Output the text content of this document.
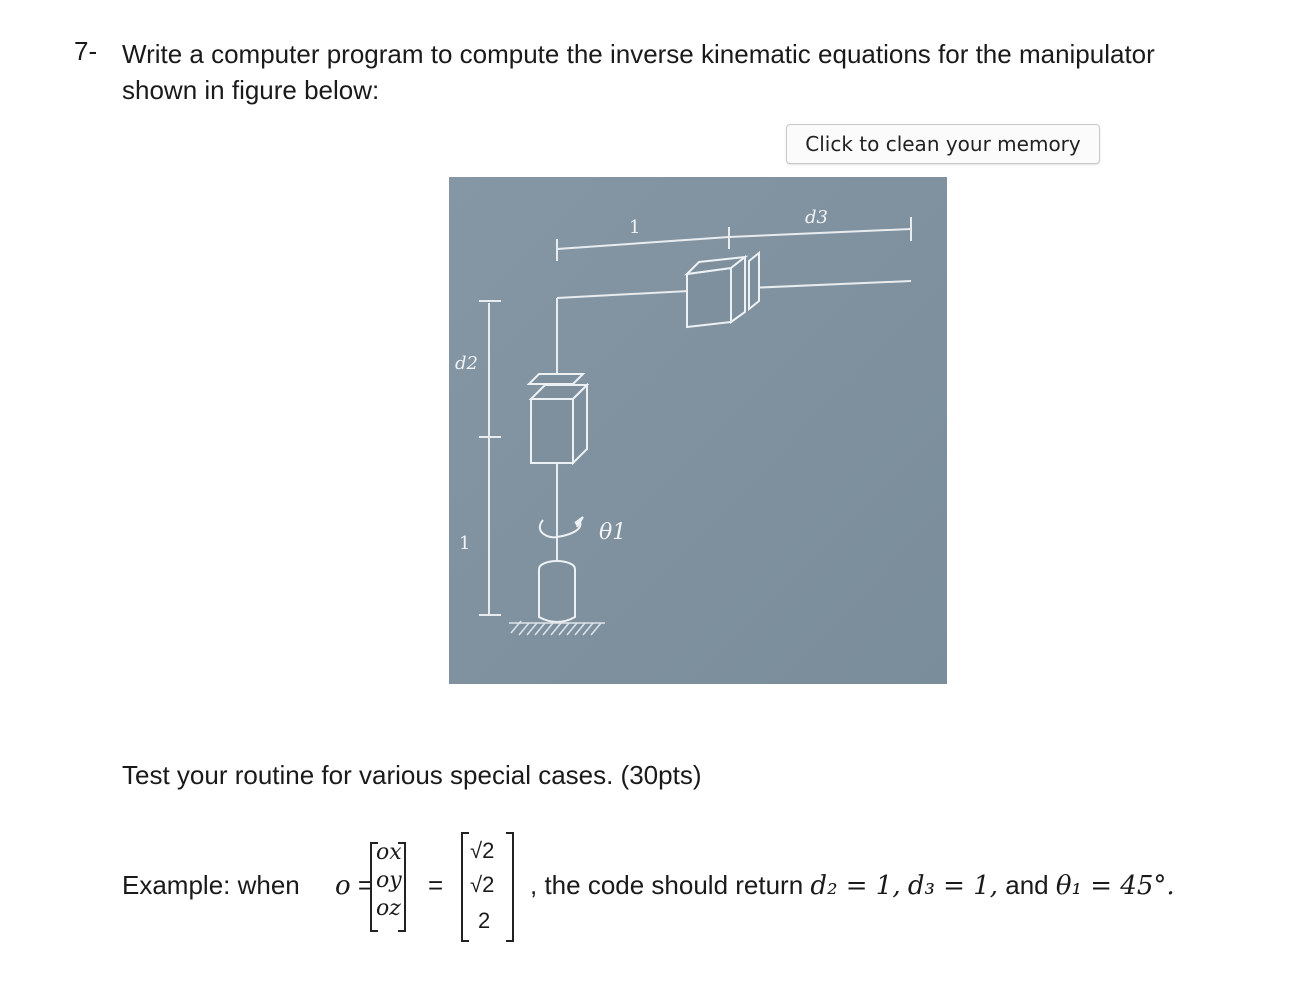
7- Write a computer program to compute the inverse kinematic equations for the manipulator
shown in figure below:
Click to clean your memory
1	d3
d2
1	θ1
Test your routine for various special cases. (30pts)
Example: when o =
ox
oy
oz
=
√2
√2
2
, the code should return d₂ = 1, d₃ = 1, and θ₁ = 45°.
